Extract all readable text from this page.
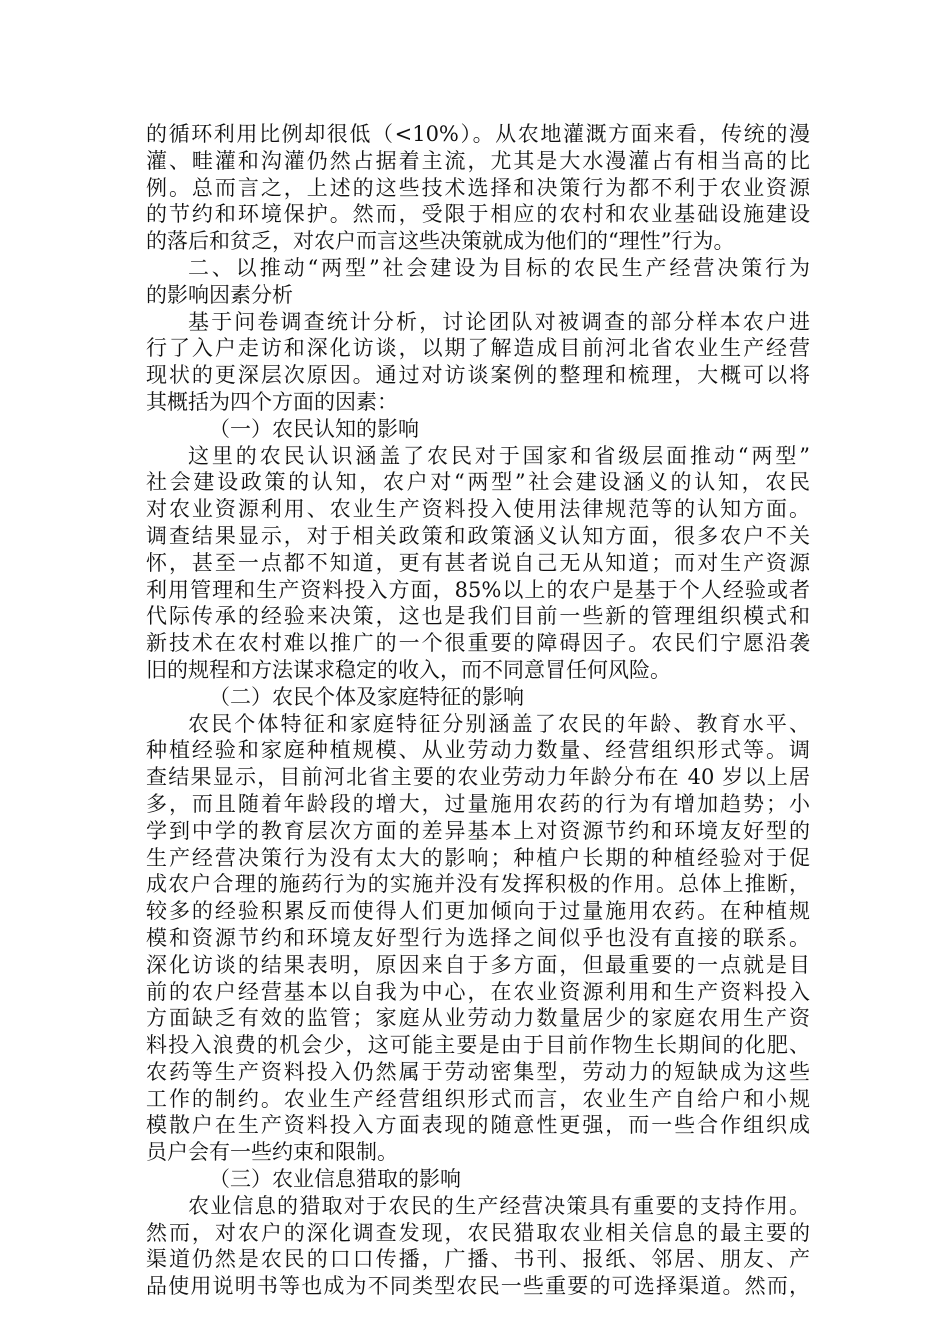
的循环利用比例却很低（<10%）。从农地灌溉方面来看，传统的漫
灌、畦灌和沟灌仍然占据着主流，尤其是大水漫灌占有相当高的比
例。总而言之，上述的这些技术选择和决策行为都不利于农业资源
的节约和环境保护。然而，受限于相应的农村和农业基础设施建设
的落后和贫乏，对农户而言这些决策就成为他们的“理性”行为。
二、以推动“两型”社会建设为目标的农民生产经营决策行为
的影响因素分析
基于问卷调查统计分析，讨论团队对被调查的部分样本农户进
行了入户走访和深化访谈，以期了解造成目前河北省农业生产经营
现状的更深层次原因。通过对访谈案例的整理和梳理，大概可以将
其概括为四个方面的因素：
（一）农民认知的影响
这里的农民认识涵盖了农民对于国家和省级层面推动“两型”
社会建设政策的认知，农户对“两型”社会建设涵义的认知，农民
对农业资源利用、农业生产资料投入使用法律规范等的认知方面。
调查结果显示，对于相关政策和政策涵义认知方面，很多农户不关
怀，甚至一点都不知道，更有甚者说自己无从知道；而对生产资源
利用管理和生产资料投入方面，85%以上的农户是基于个人经验或者
代际传承的经验来决策，这也是我们目前一些新的管理组织模式和
新技术在农村难以推广的一个很重要的障碍因子。农民们宁愿沿袭
旧的规程和方法谋求稳定的收入，而不同意冒任何风险。
（二）农民个体及家庭特征的影响
农民个体特征和家庭特征分别涵盖了农民的年龄、教育水平、
种植经验和家庭种植规模、从业劳动力数量、经营组织形式等。调
查结果显示，目前河北省主要的农业劳动力年龄分布在 40 岁以上居
多，而且随着年龄段的增大，过量施用农药的行为有增加趋势；小
学到中学的教育层次方面的差异基本上对资源节约和环境友好型的
生产经营决策行为没有太大的影响；种植户长期的种植经验对于促
成农户合理的施药行为的实施并没有发挥积极的作用。总体上推断，
较多的经验积累反而使得人们更加倾向于过量施用农药。在种植规
模和资源节约和环境友好型行为选择之间似乎也没有直接的联系。
深化访谈的结果表明，原因来自于多方面，但最重要的一点就是目
前的农户经营基本以自我为中心，在农业资源利用和生产资料投入
方面缺乏有效的监管；家庭从业劳动力数量居少的家庭农用生产资
料投入浪费的机会少，这可能主要是由于目前作物生长期间的化肥、
农药等生产资料投入仍然属于劳动密集型，劳动力的短缺成为这些
工作的制约。农业生产经营组织形式而言，农业生产自给户和小规
模散户在生产资料投入方面表现的随意性更强，而一些合作组织成
员户会有一些约束和限制。
（三）农业信息猎取的影响
农业信息的猎取对于农民的生产经营决策具有重要的支持作用。
然而，对农户的深化调查发现，农民猎取农业相关信息的最主要的
渠道仍然是农民的口口传播，广播、书刊、报纸、邻居、朋友、产
品使用说明书等也成为不同类型农民一些重要的可选择渠道。然而，
